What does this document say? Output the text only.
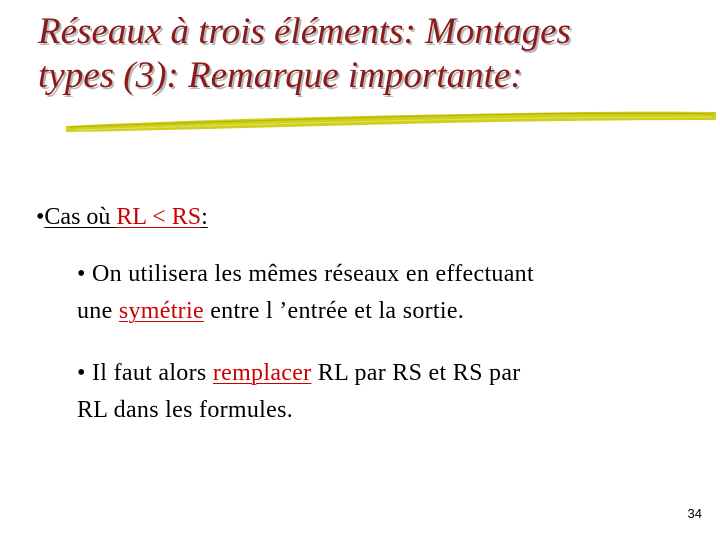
Réseaux à trois éléments: Montages
types (3): Remarque importante:
•Cas où RL < RS:
• On utilisera les mêmes réseaux en effectuant
une symétrie entre l ’entrée et la sortie.
• Il faut alors remplacer RL par RS et RS par
RL dans les formules.
34
